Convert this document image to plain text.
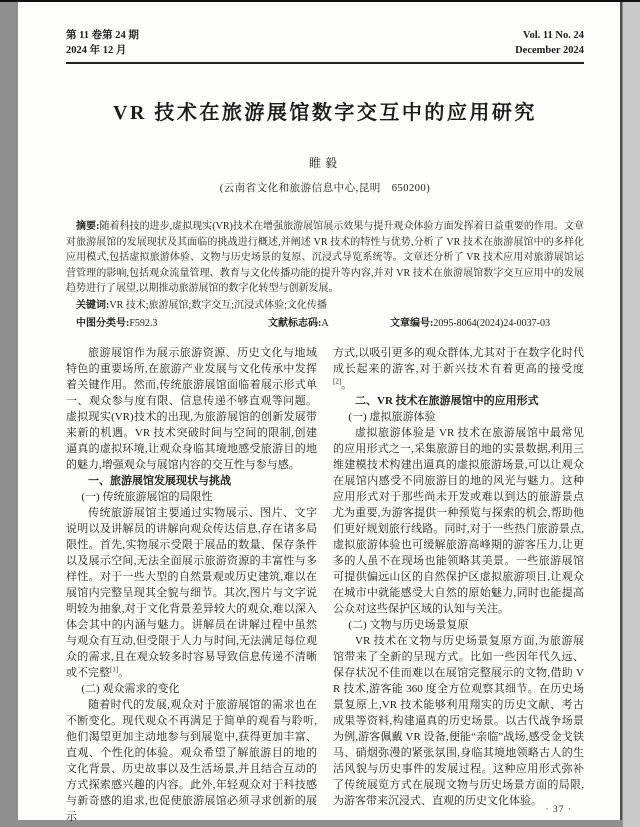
第 11 卷第 24 期
2024 年 12 月
Vol. 11 No. 24
December 2024
VR 技术在旅游展馆数字交互中的应用研究
睢毅
(云南省文化和旅游信息中心,昆明　650200)

摘要:随着科技的进步,虚拟现实(VR)技术在增强旅游展馆展示效果与提升观众体验方面发挥着日益重要的作用。文章对旅游展馆的发展现状及其面临的挑战进行概述,并阐述 VR 技术的特性与优势,分析了 VR 技术在旅游展馆中的多样化应用模式,包括虚拟旅游体验、文物与历史场景的复原、沉浸式导览系统等。文章还分析了 VR 技术应用对旅游展馆运营管理的影响,包括观众流量管理、教育与文化传播功能的提升等内容,并对 VR 技术在旅游展馆数字交互应用中的发展趋势进行了展望,以期推动旅游展馆的数字化转型与创新发展。

关键词:VR 技术;旅游展馆;数字交互;沉浸式体验;文化传播
中图分类号:F592.3	文献标志码:A	文章编号:2095-8064(2024)24-0037-03
旅游展馆作为展示旅游资源、历史文化与地域特色的重要场所,在旅游产业发展与文化传承中发挥着关键作用。然而,传统旅游展馆面临着展示形式单一、观众参与度有限、信息传递不够直观等问题。虚拟现实(VR)技术的出现,为旅游展馆的创新发展带来新的机遇。VR 技术突破时间与空间的限制,创建逼真的虚拟环境,让观众身临其境地感受旅游目的地的魅力,增强观众与展馆内容的交互性与参与感。
一、旅游展馆发展现状与挑战
(一) 传统旅游展馆的局限性
传统旅游展馆主要通过实物展示、图片、文字说明以及讲解员的讲解向观众传达信息,存在诸多局限性。首先,实物展示受限于展品的数量、保存条件以及展示空间,无法全面展示旅游资源的丰富性与多样性。对于一些大型的自然景观或历史建筑,难以在展馆内完整呈现其全貌与细节。其次,图片与文字说明较为抽象,对于文化背景差异较大的观众,难以深入体会其中的内涵与魅力。讲解员在讲解过程中虽然与观众有互动,但受限于人力与时间,无法满足每位观众的需求,且在观众较多时容易导致信息传递不清晰或不完整[1]。
(二) 观众需求的变化
随着时代的发展,观众对于旅游展馆的需求也在不断变化。现代观众不再满足于简单的观看与聆听,他们渴望更加主动地参与到展览中,获得更加丰富、直观、个性化的体验。观众希望了解旅游目的地的文化背景、历史故事以及生活场景,并且结合互动的方式探索感兴趣的内容。此外,年轻观众对于科技感与新奇感的追求,也促使旅游展馆必须寻求创新的展示
方式,以吸引更多的观众群体,尤其对于在数字化时代成长起来的游客,对于新兴技术有着更高的接受度[2]。
二、VR 技术在旅游展馆中的应用形式
(一) 虚拟旅游体验
虚拟旅游体验是 VR 技术在旅游展馆中最常见的应用形式之一,采集旅游目的地的实景数据,利用三维建模技术构建出逼真的虚拟旅游场景,可以让观众在展馆内感受不同旅游目的地的风光与魅力。这种应用形式对于那些尚未开发或难以到达的旅游景点尤为重要,为游客提供一种预览与探索的机会,帮助他们更好规划旅行线路。同时,对于一些热门旅游景点,虚拟旅游体验也可缓解旅游高峰期的游客压力,让更多的人虽不在现场也能领略其美景。一些旅游展馆可提供偏远山区的自然保护区虚拟旅游项目,让观众在城市中就能感受大自然的原始魅力,同时也能提高公众对这些保护区域的认知与关注。
(二) 文物与历史场景复原
VR 技术在文物与历史场景复原方面,为旅游展馆带来了全新的呈现方式。比如一些因年代久远、保存状况不佳而难以在展馆完整展示的文物,借助 VR 技术,游客能 360 度全方位观察其细节。在历史场景复原上,VR 技术能够利用翔实的历史文献、考古成果等资料,构建逼真的历史场景。以古代战争场景为例,游客佩戴 VR 设备,便能“亲临”战场,感受金戈铁马、硝烟弥漫的紧张氛围,身临其境地领略古人的生活风貌与历史事件的发展过程。这种应用形式弥补了传统展览方式在展现文物与历史场景方面的局限,为游客带来沉浸式、直观的历史文化体验。
· 37 ·
